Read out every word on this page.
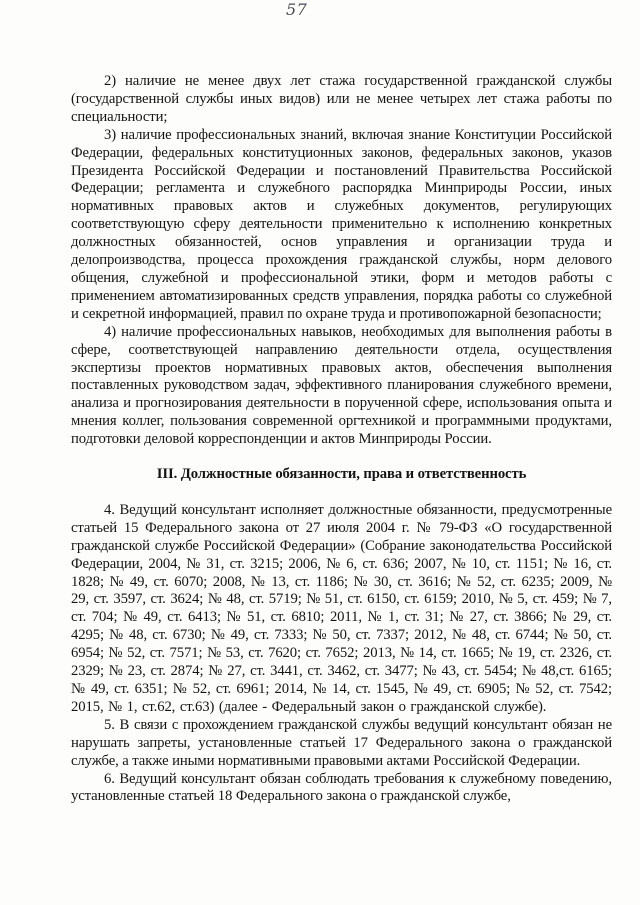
57

2) наличие не менее двух лет стажа государственной гражданской службы (государственной службы иных видов) или не менее четырех лет стажа работы по специальности;

3) наличие профессиональных знаний, включая знание Конституции Российской Федерации, федеральных конституционных законов, федеральных законов, указов Президента Российской Федерации и постановлений Правительства Российской Федерации; регламента и служебного распорядка Минприроды России, иных нормативных правовых актов и служебных документов, регулирующих соответствующую сферу деятельности применительно к исполнению конкретных должностных обязанностей, основ управления и организации труда и делопроизводства, процесса прохождения гражданской службы, норм делового общения, служебной и профессиональной этики, форм и методов работы с применением автоматизированных средств управления, порядка работы со служебной и секретной информацией, правил по охране труда и противопожарной безопасности;

4) наличие профессиональных навыков, необходимых для выполнения работы в сфере, соответствующей направлению деятельности отдела, осуществления экспертизы проектов нормативных правовых актов, обеспечения выполнения поставленных руководством задач, эффективного планирования служебного времени, анализа и прогнозирования деятельности в порученной сфере, использования опыта и мнения коллег, пользования современной оргтехникой и программными продуктами, подготовки деловой корреспонденции и актов Минприроды России.

III. Должностные обязанности, права и ответственность

4. Ведущий консультант исполняет должностные обязанности, предусмотренные статьей 15 Федерального закона от 27 июля 2004 г. № 79-ФЗ «О государственной гражданской службе Российской Федерации» (Собрание законодательства Российской Федерации, 2004, № 31, ст. 3215; 2006, № 6, ст. 636; 2007, № 10, ст. 1151; № 16, ст. 1828; № 49, ст. 6070; 2008, № 13, ст. 1186; № 30, ст. 3616; № 52, ст. 6235; 2009, № 29, ст. 3597, ст. 3624; № 48, ст. 5719; № 51, ст. 6150, ст. 6159; 2010, № 5, ст. 459; № 7, ст. 704; № 49, ст. 6413; № 51, ст. 6810; 2011, № 1, ст. 31; № 27, ст. 3866; № 29, ст. 4295; № 48, ст. 6730; № 49, ст. 7333; № 50, ст. 7337; 2012, № 48, ст. 6744; № 50, ст. 6954; № 52, ст. 7571; № 53, ст. 7620; ст. 7652; 2013, № 14, ст. 1665; № 19, ст. 2326, ст. 2329; № 23, ст. 2874; № 27, ст. 3441, ст. 3462, ст. 3477; № 43, ст. 5454; № 48,ст. 6165; № 49, ст. 6351; № 52, ст. 6961; 2014, № 14, ст. 1545, № 49, ст. 6905; № 52, ст. 7542; 2015, № 1, ст.62, ст.63) (далее - Федеральный закон о гражданской службе).

5. В связи с прохождением гражданской службы ведущий консультант обязан не нарушать запреты, установленные статьей 17 Федерального закона о гражданской службе, а также иными нормативными правовыми актами Российской Федерации.

6. Ведущий консультант обязан соблюдать требования к служебному поведению, установленные статьей 18 Федерального закона о гражданской службе,
